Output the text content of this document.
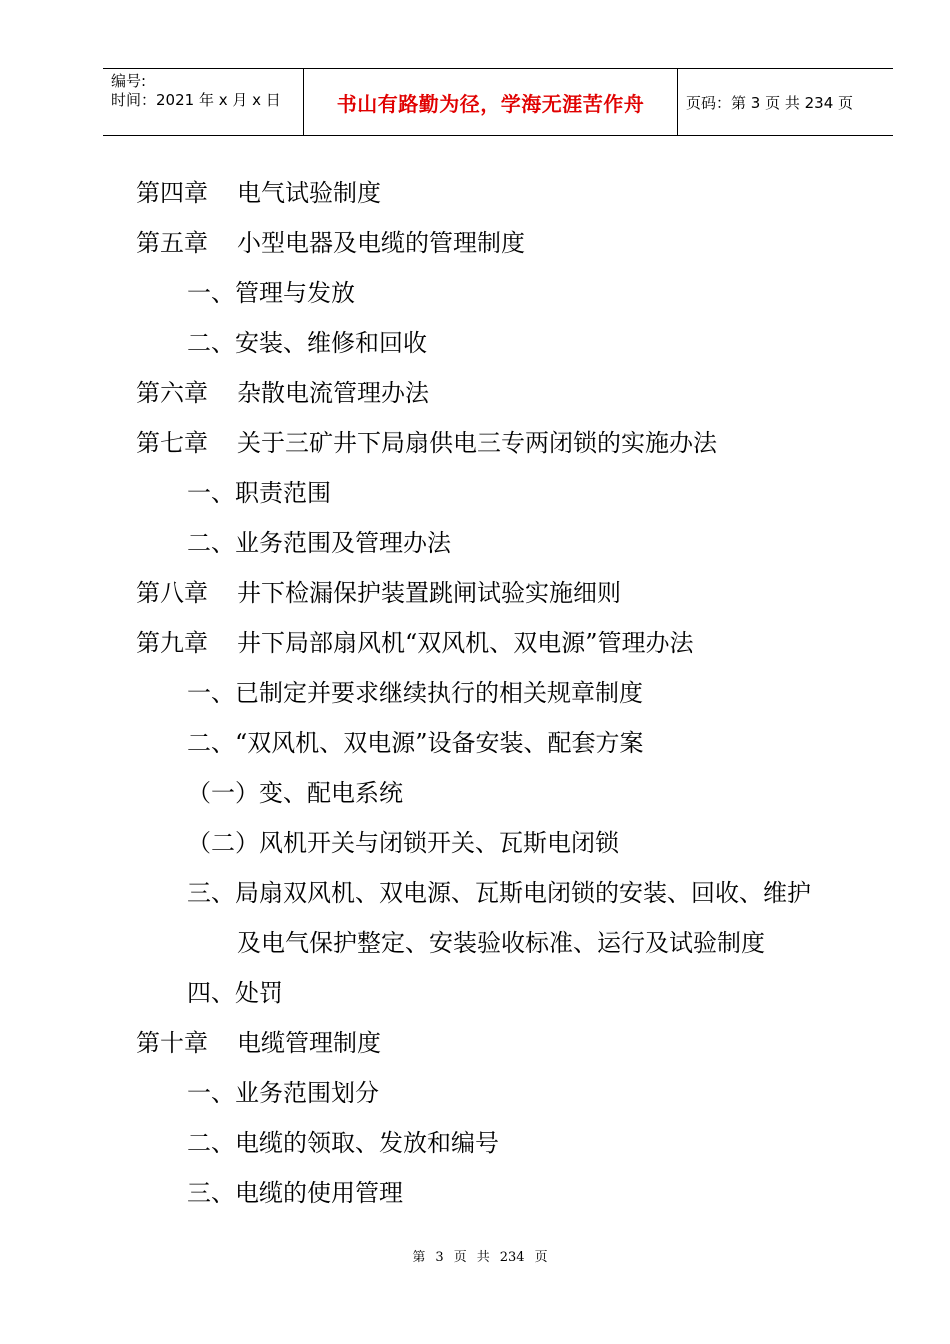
编号:
时间：2021 年 x 月 x 日	书山有路勤为径，学海无涯苦作舟	页码：第 3 页 共 234 页
第四章 电气试验制度
第五章 小型电器及电缆的管理制度
一、管理与发放
二、安装、维修和回收
第六章 杂散电流管理办法
第七章 关于三矿井下局扇供电三专两闭锁的实施办法
一、职责范围
二、业务范围及管理办法
第八章 井下检漏保护装置跳闸试验实施细则
第九章 井下局部扇风机“双风机、双电源”管理办法
一、已制定并要求继续执行的相关规章制度
二、“双风机、双电源”设备安装、配套方案
（一）变、配电系统
（二）风机开关与闭锁开关、瓦斯电闭锁
三、局扇双风机、双电源、瓦斯电闭锁的安装、回收、维护
及电气保护整定、安装验收标准、运行及试验制度
四、处罚
第十章 电缆管理制度
一、业务范围划分
二、电缆的领取、发放和编号
三、电缆的使用管理
第 3 页 共 234 页
